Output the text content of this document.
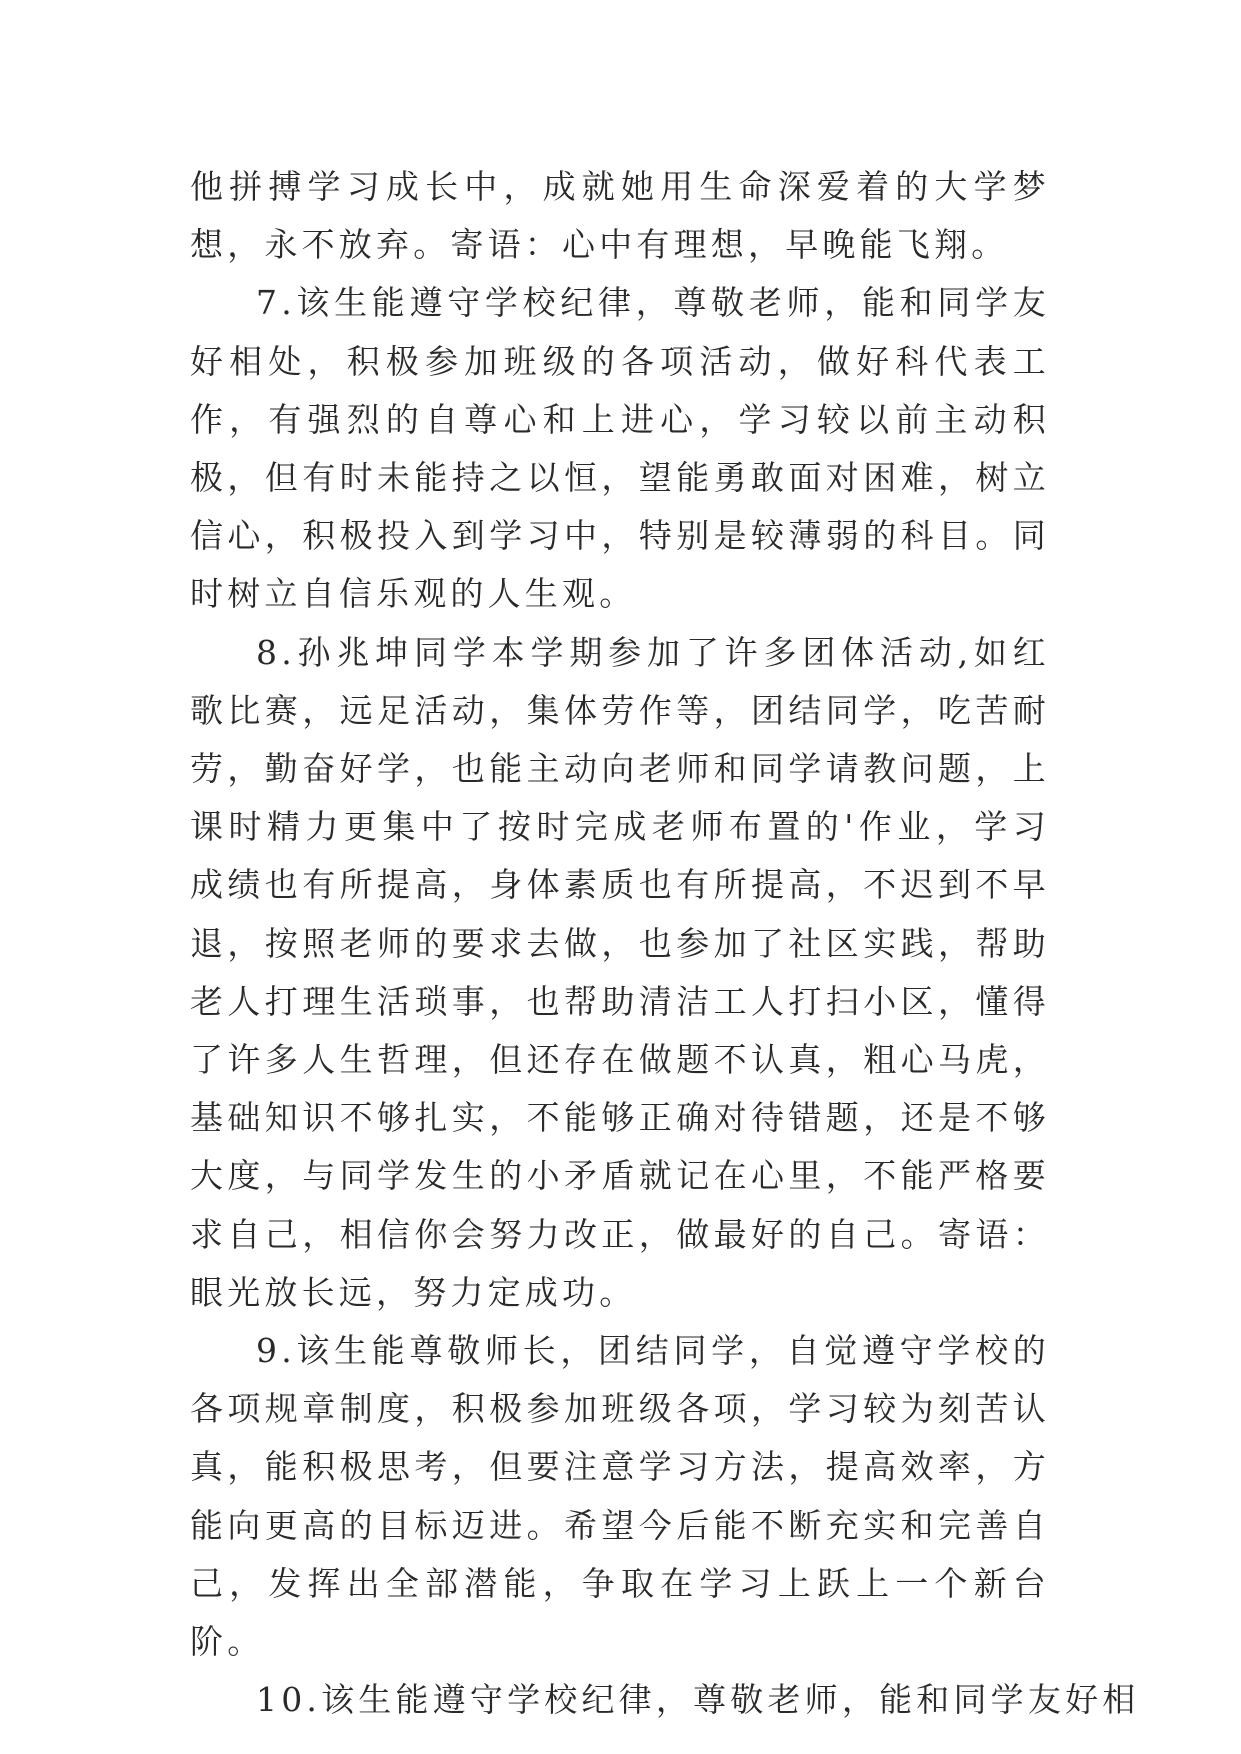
他拼搏学习成长中，成就她用生命深爱着的大学梦想，永不放弃。寄语：心中有理想，早晚能飞翔。

7.该生能遵守学校纪律，尊敬老师，能和同学友好相处，积极参加班级的各项活动，做好科代表工作，有强烈的自尊心和上进心，学习较以前主动积极，但有时未能持之以恒，望能勇敢面对困难，树立信心，积极投入到学习中，特别是较薄弱的科目。同时树立自信乐观的人生观。

8.孙兆坤同学本学期参加了许多团体活动,如红歌比赛，远足活动，集体劳作等，团结同学，吃苦耐劳，勤奋好学，也能主动向老师和同学请教问题，上课时精力更集中了按时完成老师布置的'作业，学习成绩也有所提高，身体素质也有所提高，不迟到不早退，按照老师的要求去做，也参加了社区实践，帮助老人打理生活琐事，也帮助清洁工人打扫小区，懂得了许多人生哲理，但还存在做题不认真，粗心马虎，基础知识不够扎实，不能够正确对待错题，还是不够大度，与同学发生的小矛盾就记在心里，不能严格要求自己，相信你会努力改正，做最好的自己。寄语：眼光放长远，努力定成功。

9.该生能尊敬师长，团结同学，自觉遵守学校的各项规章制度，积极参加班级各项，学习较为刻苦认真，能积极思考，但要注意学习方法，提高效率，方能向更高的目标迈进。希望今后能不断充实和完善自己，发挥出全部潜能，争取在学习上跃上一个新台阶。

10.该生能遵守学校纪律，尊敬老师，能和同学友好相
